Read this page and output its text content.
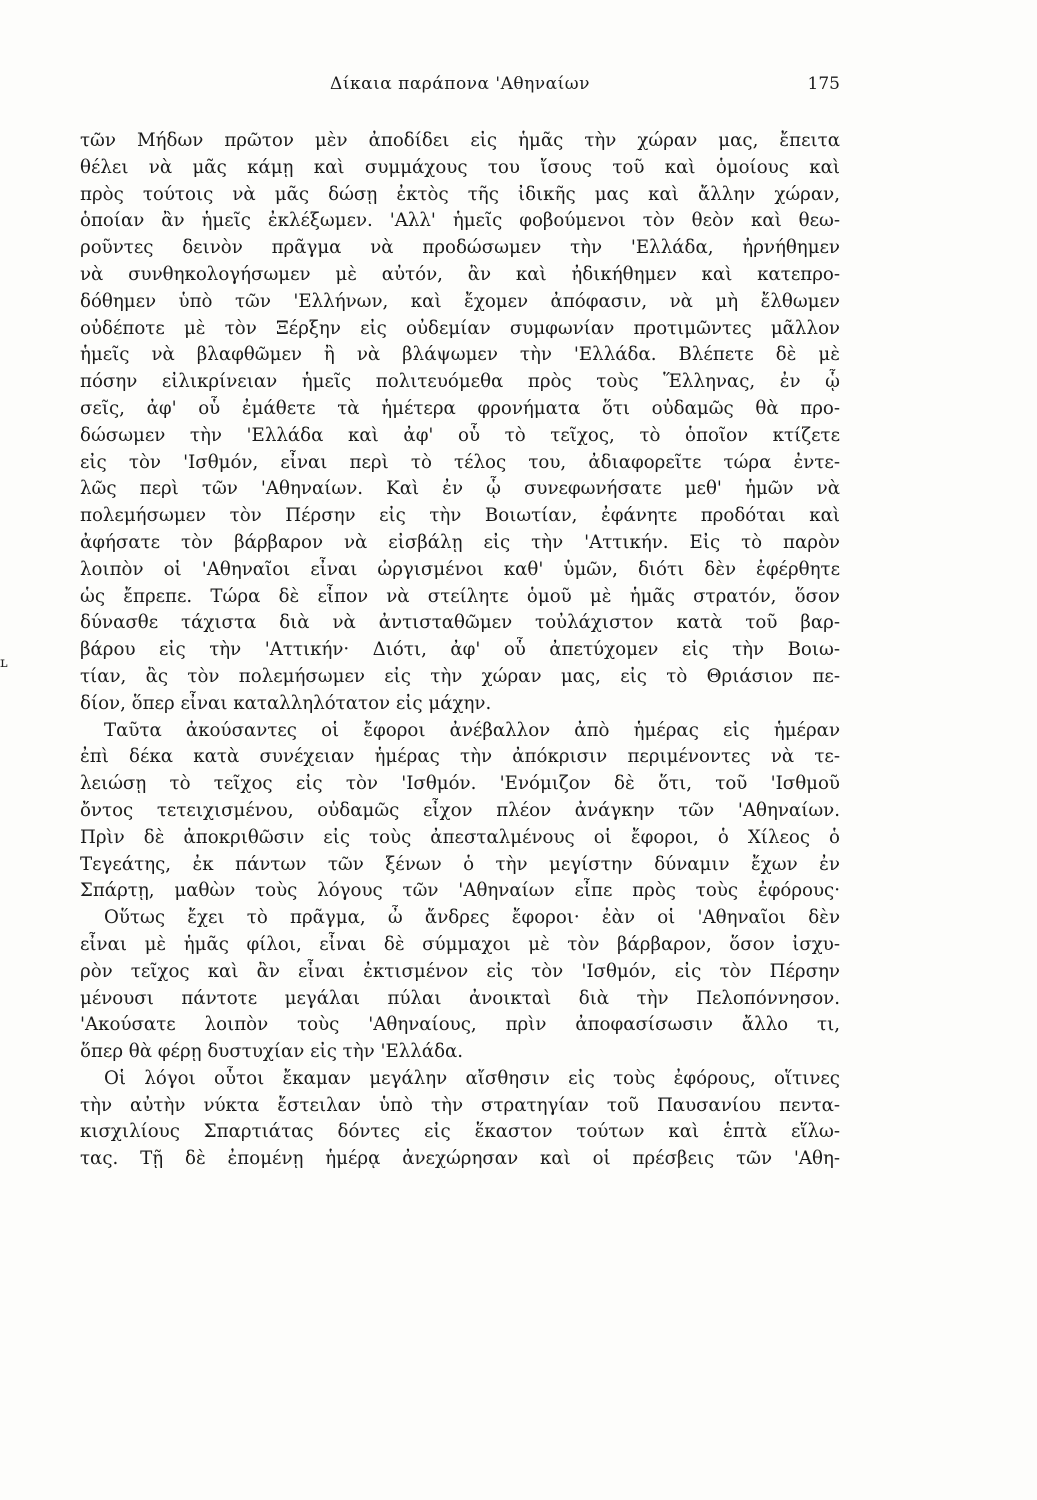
Δίκαια παράπονα 'Αθηναίων	175
ʟ
τῶν Μήδων πρῶτον μὲν ἀποδίδει εἰς ἡμᾶς τὴν χώραν μας, ἔπειτα
θέλει νὰ μᾶς κάμῃ καὶ συμμάχους του ἴσους τοῦ καὶ ὁμοίους καὶ
πρὸς τούτοις νὰ μᾶς δώσῃ ἐκτὸς τῆς ἰδικῆς μας καὶ ἄλλην χώραν,
ὁποίαν ἂν ἡμεῖς ἐκλέξωμεν. 'Αλλ' ἡμεῖς φοβούμενοι τὸν θεὸν καὶ θεω-
ροῦντες δεινὸν πρᾶγμα νὰ προδώσωμεν τὴν 'Ελλάδα, ἠρνήθημεν
νὰ συνθηκολογήσωμεν μὲ αὐτόν, ἂν καὶ ἠδικήθημεν καὶ κατεπρο-
δόθημεν ὑπὸ τῶν 'Ελλήνων, καὶ ἔχομεν ἀπόφασιν, νὰ μὴ ἔλθωμεν
οὐδέποτε μὲ τὸν Ξέρξην εἰς οὐδεμίαν συμφωνίαν προτιμῶντες μᾶλλον
ἡμεῖς νὰ βλαφθῶμεν ἢ νὰ βλάψωμεν τὴν 'Ελλάδα. Βλέπετε δὲ μὲ
πόσην εἰλικρίνειαν ἡμεῖς πολιτευόμεθα πρὸς τοὺς Ἕλληνας, ἐν ᾧ
σεῖς, ἀφ' οὗ ἐμάθετε τὰ ἡμέτερα φρονήματα ὅτι οὐδαμῶς θὰ προ-
δώσωμεν τὴν 'Ελλάδα καὶ ἀφ' οὗ τὸ τεῖχος, τὸ ὁποῖον κτίζετε
εἰς τὸν 'Ισθμόν, εἶναι περὶ τὸ τέλος του, ἀδιαφορεῖτε τώρα ἐντε-
λῶς περὶ τῶν 'Αθηναίων. Καὶ ἐν ᾧ συνεφωνήσατε μεθ' ἡμῶν νὰ
πολεμήσωμεν τὸν Πέρσην εἰς τὴν Βοιωτίαν, ἐφάνητε προδόται καὶ
ἀφήσατε τὸν βάρβαρον νὰ εἰσβάλῃ εἰς τὴν 'Αττικήν. Εἰς τὸ παρὸν
λοιπὸν οἱ 'Αθηναῖοι εἶναι ὠργισμένοι καθ' ὑμῶν, διότι δὲν ἐφέρθητε
ὡς ἔπρεπε. Τώρα δὲ εἶπον νὰ στείλητε ὁμοῦ μὲ ἡμᾶς στρατόν, ὅσον
δύνασθε τάχιστα διὰ νὰ ἀντισταθῶμεν τοὐλάχιστον κατὰ τοῦ βαρ-
βάρου εἰς τὴν 'Αττικήν· Διότι, ἀφ' οὗ ἀπετύχομεν εἰς τὴν Βοιω-
τίαν, ἂς τὸν πολεμήσωμεν εἰς τὴν χώραν μας, εἰς τὸ Θριάσιον πε-
δίον, ὅπερ εἶναι καταλληλότατον εἰς μάχην.
Ταῦτα ἀκούσαντες οἱ ἔφοροι ἀνέβαλλον ἀπὸ ἡμέρας εἰς ἡμέραν
ἐπὶ δέκα κατὰ συνέχειαν ἡμέρας τὴν ἀπόκρισιν περιμένοντες νὰ τε-
λειώσῃ τὸ τεῖχος εἰς τὸν 'Ισθμόν. 'Ενόμιζον δὲ ὅτι, τοῦ 'Ισθμοῦ
ὄντος τετειχισμένου, οὐδαμῶς εἶχον πλέον ἀνάγκην τῶν 'Αθηναίων.
Πρὶν δὲ ἀποκριθῶσιν εἰς τοὺς ἀπεσταλμένους οἱ ἔφοροι, ὁ Χίλεος ὁ
Τεγεάτης, ἐκ πάντων τῶν ξένων ὁ τὴν μεγίστην δύναμιν ἔχων ἐν
Σπάρτῃ, μαθὼν τοὺς λόγους τῶν 'Αθηναίων εἶπε πρὸς τοὺς ἐφόρους·
Οὕτως ἔχει τὸ πρᾶγμα, ὦ ἄνδρες ἔφοροι· ἐὰν οἱ 'Αθηναῖοι δὲν
εἶναι μὲ ἡμᾶς φίλοι, εἶναι δὲ σύμμαχοι μὲ τὸν βάρβαρον, ὅσον ἰσχυ-
ρὸν τεῖχος καὶ ἂν εἶναι ἐκτισμένον εἰς τὸν 'Ισθμόν, εἰς τὸν Πέρσην
μένουσι πάντοτε μεγάλαι πύλαι ἀνοικταὶ διὰ τὴν Πελοπόννησον.
'Ακούσατε λοιπὸν τοὺς 'Αθηναίους, πρὶν ἀποφασίσωσιν ἄλλο τι,
ὅπερ θὰ φέρῃ δυστυχίαν εἰς τὴν 'Ελλάδα.
Οἱ λόγοι οὗτοι ἔκαμαν μεγάλην αἴσθησιν εἰς τοὺς ἐφόρους, οἵτινες
τὴν αὐτὴν νύκτα ἔστειλαν ὑπὸ τὴν στρατηγίαν τοῦ Παυσανίου πεντα-
κισχιλίους Σπαρτιάτας δόντες εἰς ἕκαστον τούτων καὶ ἑπτὰ εἵλω-
τας. Τῇ δὲ ἐπομένῃ ἡμέρᾳ ἀνεχώρησαν καὶ οἱ πρέσβεις τῶν 'Αθη-
